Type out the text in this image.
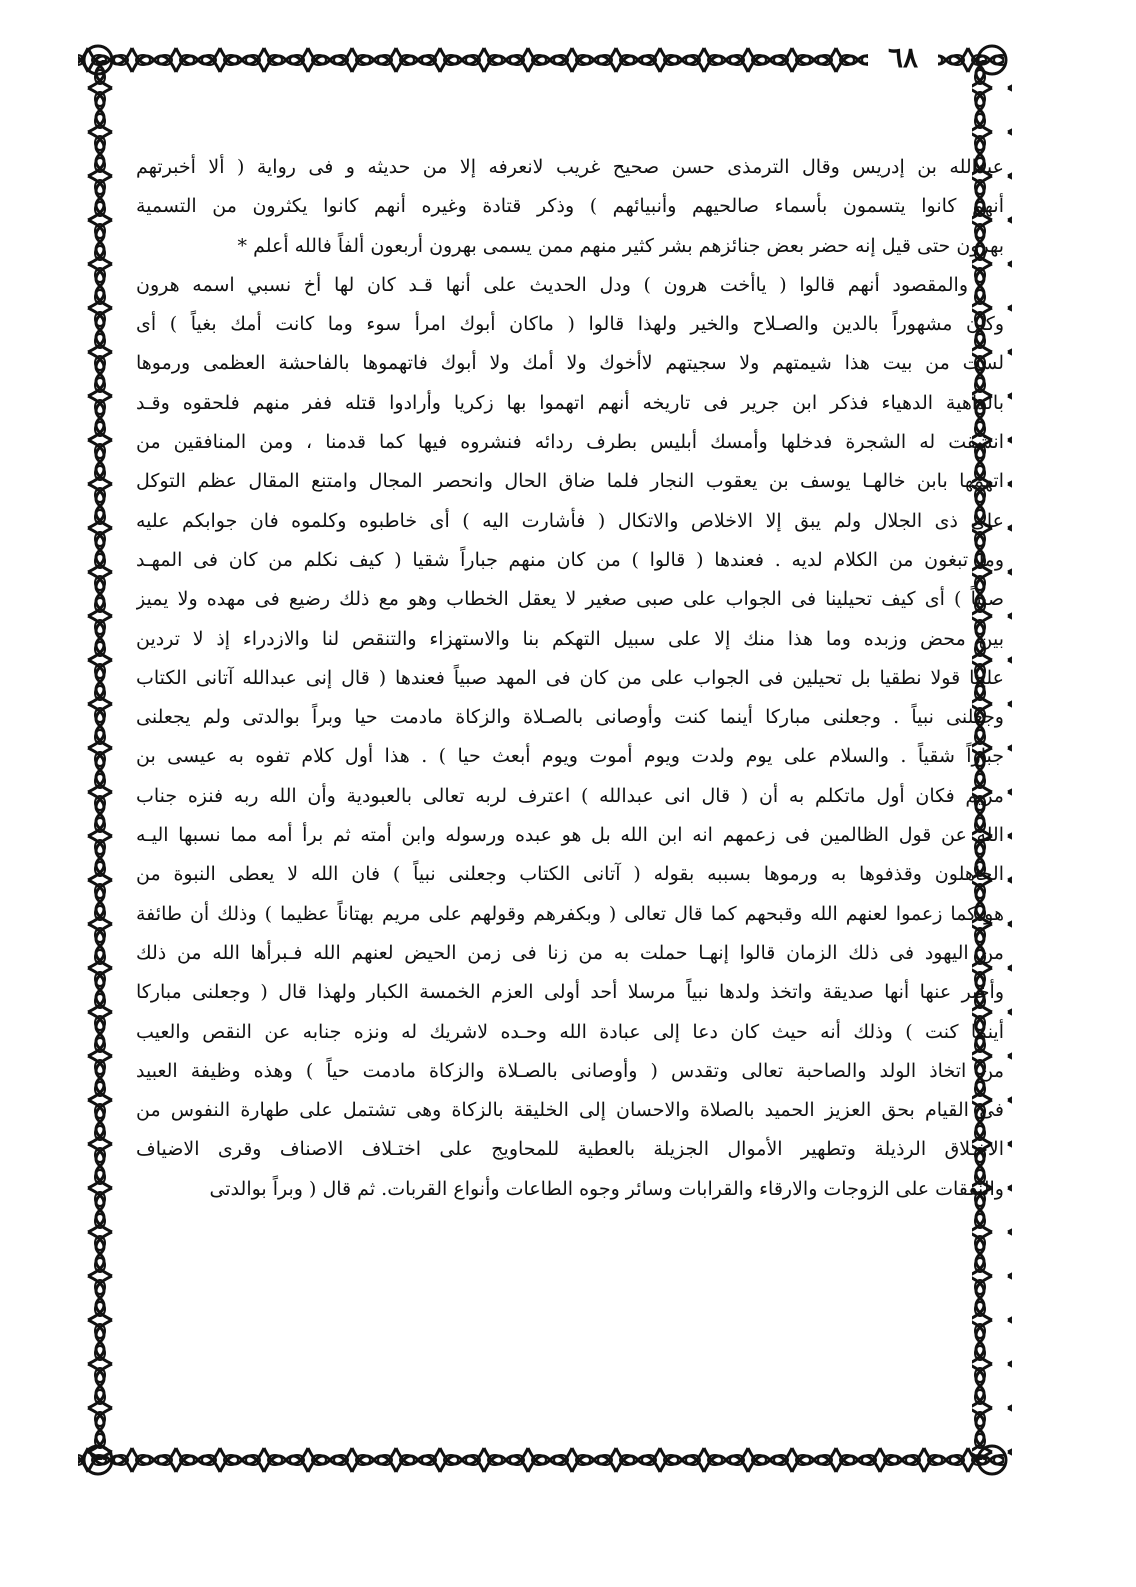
٦٨
عبدالله بن إدريس وقال الترمذى حسن صحيح غريب لانعرفه إلا من حديثه و فى رواية ( ألا أخبرتهم
أنهم كانوا يتسمون بأسماء صالحيهم وأنبيائهم ) وذكر قتادة وغيره أنهم كانوا يكثرون من التسمية
بهرون حتى قيل إنه حضر بعض جنائزهم بشر كثير منهم ممن يسمى بهرون أربعون ألفاً فالله أعلم *
والمقصود أنهم قالوا ( ياأخت هرون ) ودل الحديث على أنها قـد كان لها أخ نسبي اسمه هرون
وكان مشهوراً بالدين والصـلاح والخير ولهذا قالوا ( ماكان أبوك امرأ سوء وما كانت أمك بغياً ) أى
لست من بيت هذا شيمتهم ولا سجيتهم لاأخوك ولا أمك ولا أبوك فاتهموها بالفاحشة العظمى ورموها
بالداهية الدهياء فذكر ابن جرير فى تاريخه أنهم اتهموا بها زكريا وأرادوا قتله ففر منهم فلحقوه وقـد
انشقت له الشجرة فدخلها وأمسك أبليس بطرف ردائه فنشروه فيها كما قدمنا ، ومن المنافقين من
اتهمها بابن خالهـا يوسف بن يعقوب النجار فلما ضاق الحال وانحصر المجال وامتنع المقال عظم التوكل
على ذى الجلال ولم يبق إلا الاخلاص والاتكال ( فأشارت اليه ) أى خاطبوه وكلموه فان جوابكم عليه
وما تبغون من الكلام لديه . فعندها ( قالوا ) من كان منهم جباراً شقيا ( كيف نكلم من كان فى المهـد
صبياً ) أى كيف تحيلينا فى الجواب على صبى صغير لا يعقل الخطاب وهو مع ذلك رضيع فى مهده ولا يميز
بين محض وزبده وما هذا منك إلا على سبيل التهكم بنا والاستهزاء والتنقص لنا والازدراء إذ لا تردين
علينا قولا نطقيا بل تحيلين فى الجواب على من كان فى المهد صبياً فعندها ( قال إنى عبدالله آتانى الكتاب
وجعلنى نبياً . وجعلنى مباركا أينما كنت وأوصانى بالصـلاة والزكاة مادمت حيا وبراً بوالدتى ولم يجعلنى
جباراً شقياً . والسلام على يوم ولدت ويوم أموت ويوم أبعث حيا ) . هذا أول كلام تفوه به عيسى بن
مريم فكان أول ماتكلم به أن ( قال انى عبدالله ) اعترف لربه تعالى بالعبودية وأن الله ربه فنزه جناب
الله عن قول الظالمين فى زعمهم انه ابن الله بل هو عبده ورسوله وابن أمته ثم برأ أمه مما نسبها اليـه
الجاهلون وقذفوها به ورموها بسببه بقوله ( آتانى الكتاب وجعلنى نبياً ) فان الله لا يعطى النبوة من
هو كما زعموا لعنهم الله وقبحهم كما قال تعالى ( وبكفرهم وقولهم على مريم بهتاناً عظيما ) وذلك أن طائفة
من اليهود فى ذلك الزمان قالوا إنهـا حملت به من زنا فى زمن الحيض لعنهم الله فـبرأها الله من ذلك
وأخبر عنها أنها صديقة واتخذ ولدها نبياً مرسلا أحد أولى العزم الخمسة الكبار ولهذا قال ( وجعلنى مباركا
أينما كنت ) وذلك أنه حيث كان دعا إلى عبادة الله وحـده لاشريك له ونزه جنابه عن النقص والعيب
من اتخاذ الولد والصاحبة تعالى وتقدس ( وأوصانى بالصـلاة والزكاة مادمت حياً ) وهذه وظيفة العبيد
فى القيام بحق العزيز الحميد بالصلاة والاحسان إلى الخليقة بالزكاة وهى تشتمل على طهارة النفوس من
الاخـلاق الرذيلة وتطهير الأموال الجزيلة بالعطية للمحاويج على اختـلاف الاصناف وقرى الاضياف
والنفقات على الزوجات والارقاء والقرابات وسائر وجوه الطاعات وأنواع القربات. ثم قال ( وبراً بوالدتى
